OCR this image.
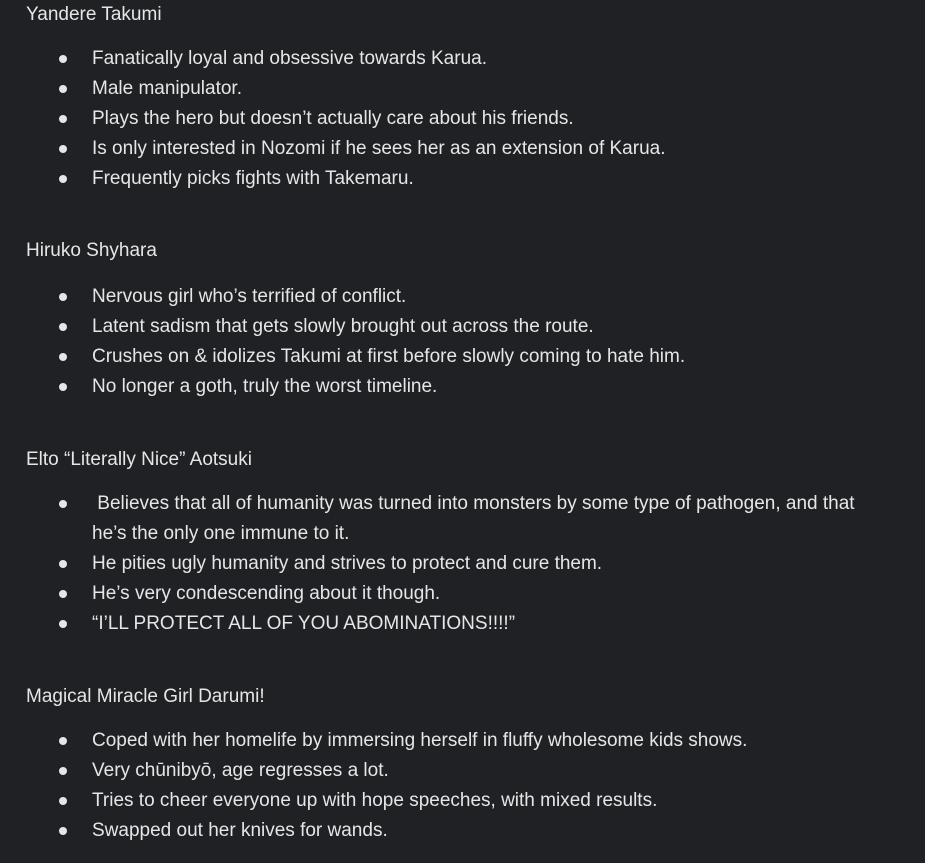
Yandere Takumi
Fanatically loyal and obsessive towards Karua.
Male manipulator.
Plays the hero but doesn’t actually care about his friends.
Is only interested in Nozomi if he sees her as an extension of Karua.
Frequently picks fights with Takemaru.
Hiruko Shyhara
Nervous girl who’s terrified of conflict.
Latent sadism that gets slowly brought out across the route.
Crushes on & idolizes Takumi at first before slowly coming to hate him.
No longer a goth, truly the worst timeline.
Elto “Literally Nice” Aotsuki
Believes that all of humanity was turned into monsters by some type of pathogen, and that he’s the only one immune to it.
He pities ugly humanity and strives to protect and cure them.
He’s very condescending about it though.
“I’LL PROTECT ALL OF YOU ABOMINATIONS!!!!”
Magical Miracle Girl Darumi!
Coped with her homelife by immersing herself in fluffy wholesome kids shows.
Very chūnibyō, age regresses a lot.
Tries to cheer everyone up with hope speeches, with mixed results.
Swapped out her knives for wands.
